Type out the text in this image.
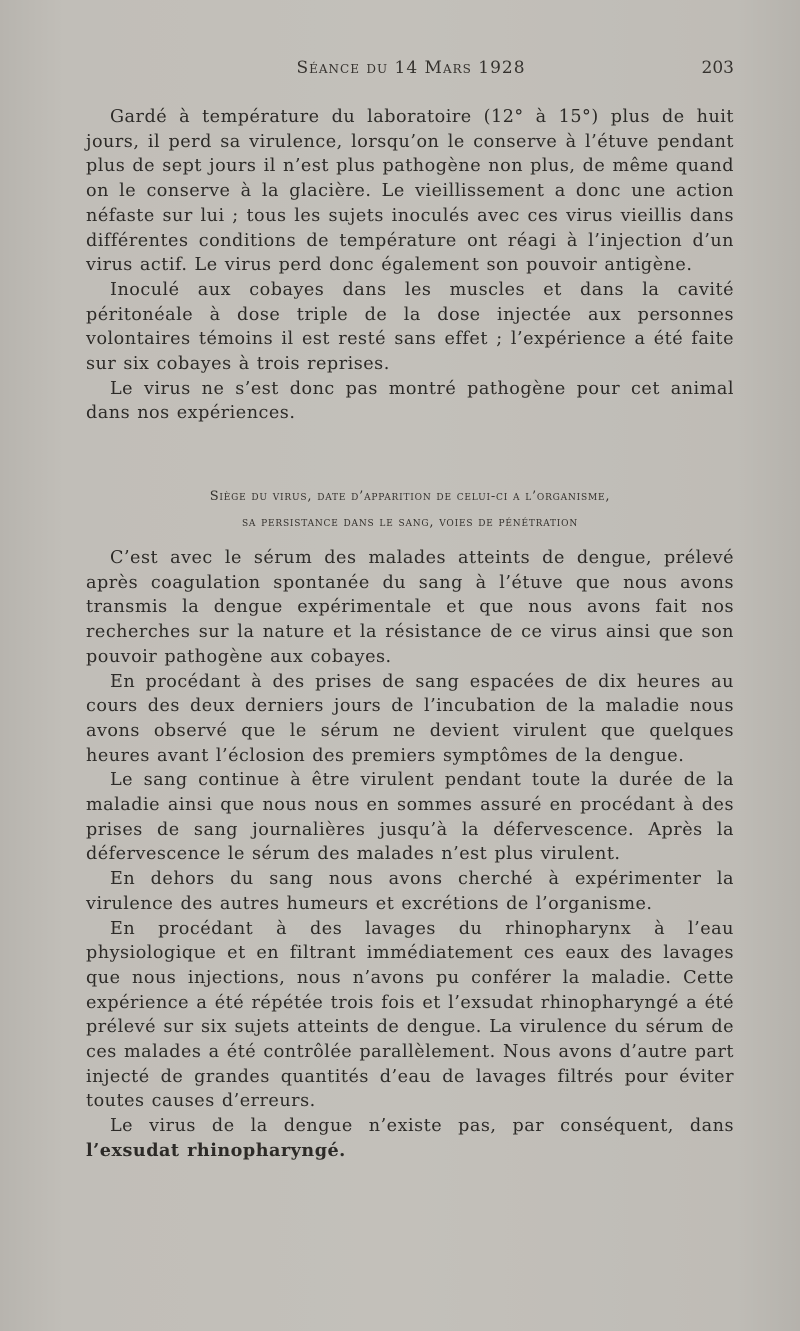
Séance du 14 Mars 1928	203

Gardé à température du laboratoire (12° à 15°) plus de huit jours, il perd sa virulence, lorsqu’on le conserve à l’étuve pendant plus de sept jours il n’est plus pathogène non plus, de même quand on le conserve à la glacière. Le vieillissement a donc une action néfaste sur lui ; tous les sujets inoculés avec ces virus vieillis dans différentes conditions de température ont réagi à l’injection d’un virus actif. Le virus perd donc également son pouvoir antigène.

Inoculé aux cobayes dans les muscles et dans la cavité péritonéale à dose triple de la dose injectée aux personnes volontaires témoins il est resté sans effet ; l’expérience a été faite sur six cobayes à trois reprises.

Le virus ne s’est donc pas montré pathogène pour cet animal dans nos expériences.

Siège du virus, date d’apparition de celui-ci a l’organisme,
sa persistance dans le sang, voies de pénétration

C’est avec le sérum des malades atteints de dengue, prélevé après coagulation spontanée du sang à l’étuve que nous avons transmis la dengue expérimentale et que nous avons fait nos recherches sur la nature et la résistance de ce virus ainsi que son pouvoir pathogène aux cobayes.

En procédant à des prises de sang espacées de dix heures au cours des deux derniers jours de l’incubation de la maladie nous avons observé que le sérum ne devient virulent que quelques heures avant l’éclosion des premiers symptômes de la dengue.

Le sang continue à être virulent pendant toute la durée de la maladie ainsi que nous nous en sommes assuré en procédant à des prises de sang journalières jusqu’à la défervescence. Après la défervescence le sérum des malades n’est plus virulent.

En dehors du sang nous avons cherché à expérimenter la virulence des autres humeurs et excrétions de l’organisme.

En procédant à des lavages du rhinopharynx à l’eau physiologique et en filtrant immédiatement ces eaux des lavages que nous injections, nous n’avons pu conférer la maladie. Cette expérience a été répétée trois fois et l’exsudat rhinopharyngé a été prélevé sur six sujets atteints de dengue. La virulence du sérum de ces malades a été contrôlée parallèlement. Nous avons d’autre part injecté de grandes quantités d’eau de lavages filtrés pour éviter toutes causes d’erreurs.

Le virus de la dengue n’existe pas, par conséquent, dans l’exsudat rhinopharyngé.
